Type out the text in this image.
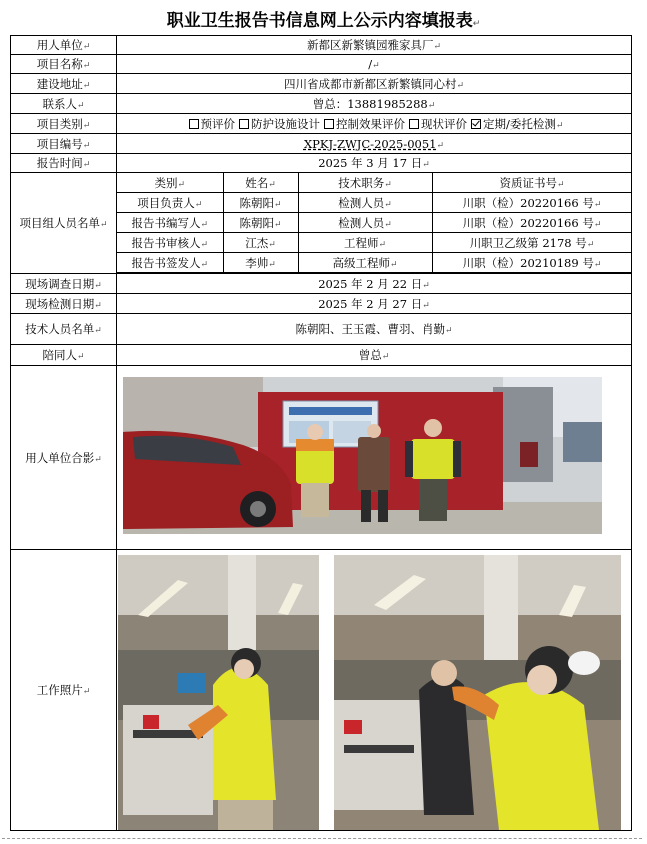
职业卫生报告书信息网上公示内容填报表↵
用人单位↵	新都区新繁镇园雅家具厂↵
项目名称↵	/↵
建设地址↵	四川省成都市新都区新繁镇同心村↵
联系人↵	曾总：13881985288↵
项目类别↵	预评价 防护设施设计 控制效果评价 现状评价 定期/委托检测↵
项目编号↵	XPKJ-ZWJC-2025-0051↵
报告时间↵	2025 年 3 月 17 日↵
项目组人员名单↵	
类别↵	姓名↵	技术职务↵	资质证书号↵
项目负责人↵	陈朝阳↵	检测人员↵	川职（检）20220166 号↵
报告书编写人↵	陈朝阳↵	检测人员↵	川职（检）20220166 号↵
报告书审核人↵	江杰↵	工程师↵	川职卫乙级第 2178 号↵
报告书签发人↵	李帅↵	高级工程师↵	川职（检）20210189 号↵

现场调查日期↵	2025 年 2 月 22 日↵
现场检测日期↵	2025 年 2 月 27 日↵
技术人员名单↵	陈朝阳、王玉霞、曹羽、肖勤↵
陪同人↵	曾总↵
用人单位合影↵	
工作照片↵	
